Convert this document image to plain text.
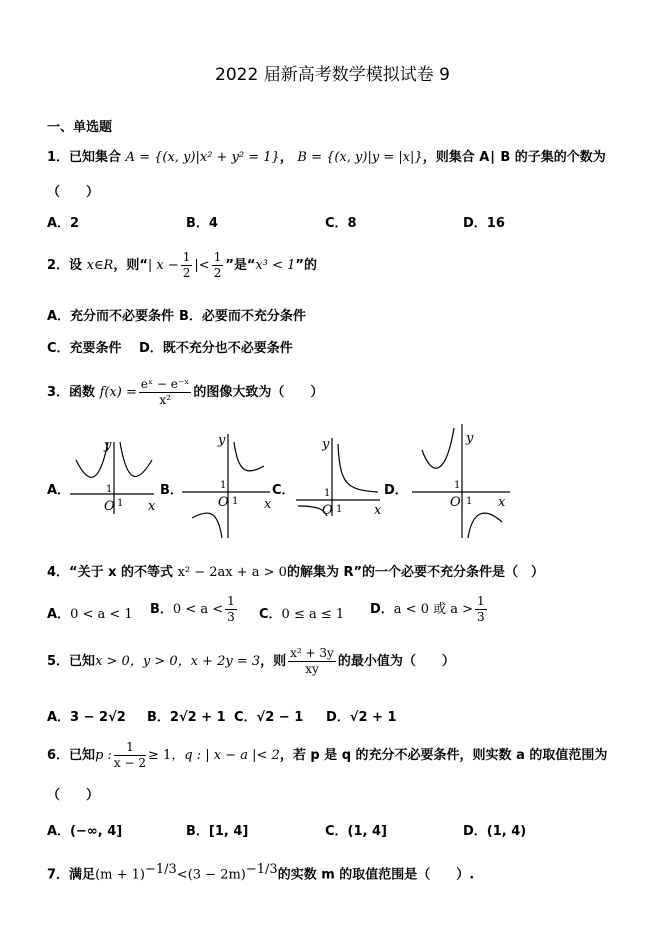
2022 届新高考数学模拟试卷 9
一、单选题
1．已知集合 A = {(x, y)|x² + y² = 1}， B = {(x, y)|y = |x|}，则集合 A∣ B 的子集的个数为
（　　）
A．2	B．4	C．8	D．16
2．设 x∈R，则“| $x - \frac{1}{2}$ |< $\frac{1}{2}$ ”是“x³ < 1”的
A．充分而不必要条件 B．必要而不充分条件
C．充要条件 D．既不充分也不必要条件
3．函数 $f(x) = \frac{\text{eˣ − e⁻ˣ}}{\text{x²}}$ 的图像大致为（　　）
A．
y
x
O 1
1	B．
y
x
O 1
1	C．
y
x
O 1
1	D．
y
x
O 1
1
4．“关于 x 的不等式 x² − 2ax + a > 0的解集为 R”的一个必要不充分条件是（　）
A．0 < a < 1 B．$0 < a < \frac{1}{3}$ C．0 ≤ a ≤ 1 D．a < 0 或 $a > \frac{1}{3}$
5．已知x > 0，y > 0，x + 2y = 3，则 $\frac{\text{x² + 3y}}{xy}$ 的最小值为（　　）
A．3 − 2√2 B．2√2 + 1 C．√2 − 1 D．√2 + 1
6．已知p : $\frac{1}{x - 2} \ge 1$，q : | x − a |< 2，若 p 是 q 的充分不必要条件，则实数 a 的取值范围为
（　　）
A．(−∞, 4]	B．[1, 4]	C．(1, 4]	D．(1, 4)
7．满足$(m + 1)^{-1/3}<(3 - 2m)^{-1/3}$的实数 m 的取值范围是（　　）.
